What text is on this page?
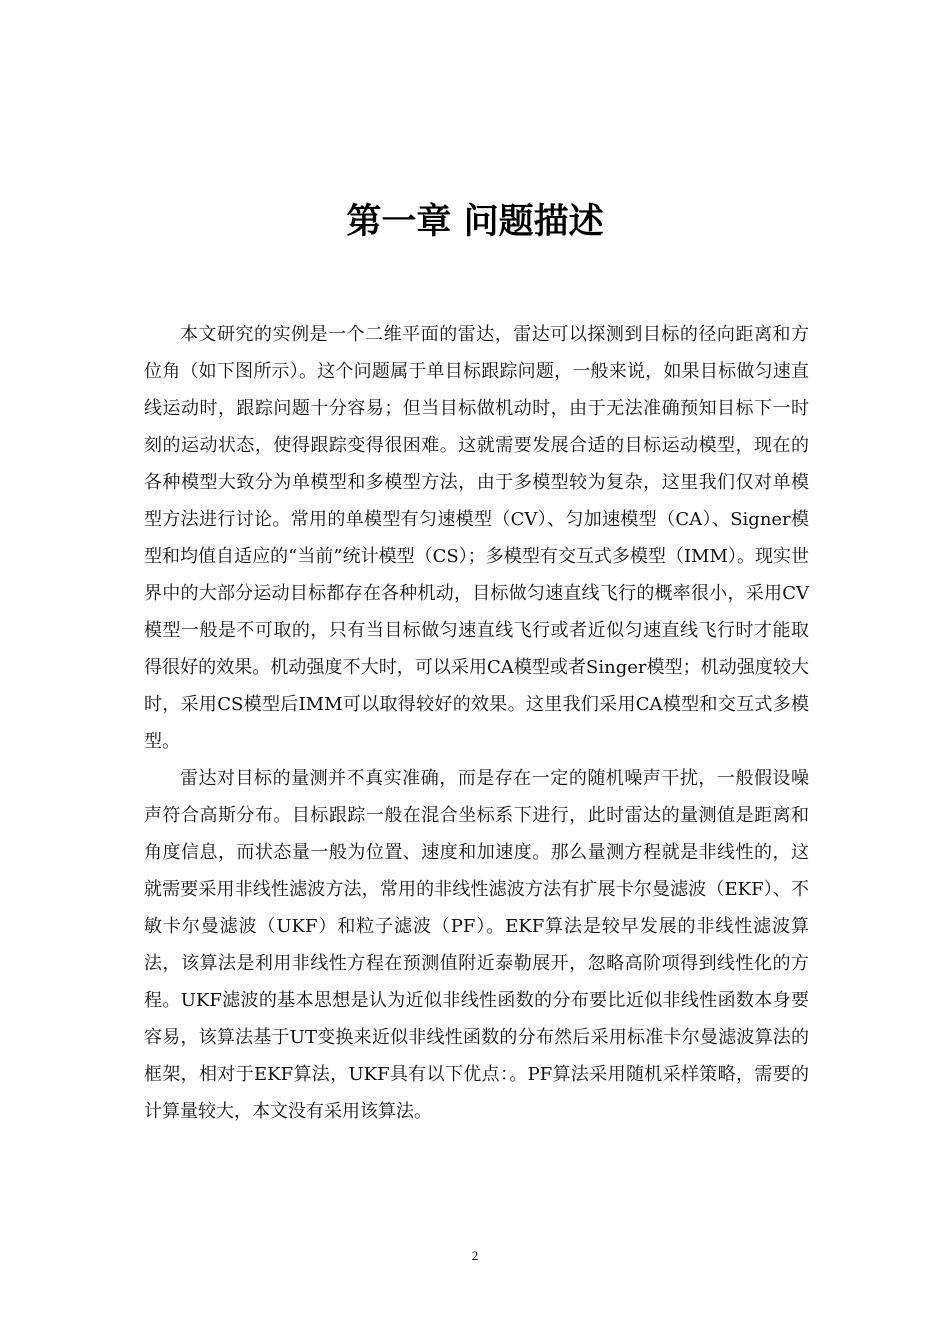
第一章 问题描述

本文研究的实例是一个二维平面的雷达，雷达可以探测到目标的径向距离和方位角（如下图所示）。这个问题属于单目标跟踪问题，一般来说，如果目标做匀速直线运动时，跟踪问题十分容易；但当目标做机动时，由于无法准确预知目标下一时刻的运动状态，使得跟踪变得很困难。这就需要发展合适的目标运动模型，现在的各种模型大致分为单模型和多模型方法，由于多模型较为复杂，这里我们仅对单模型方法进行讨论。常用的单模型有匀速模型（CV）、匀加速模型（CA）、Signer模型和均值自适应的“当前”统计模型（CS）；多模型有交互式多模型（IMM）。现实世界中的大部分运动目标都存在各种机动，目标做匀速直线飞行的概率很小，采用CV模型一般是不可取的，只有当目标做匀速直线飞行或者近似匀速直线飞行时才能取得很好的效果。机动强度不大时，可以采用CA模型或者Singer模型；机动强度较大时，采用CS模型后IMM可以取得较好的效果。这里我们采用CA模型和交互式多模型。

雷达对目标的量测并不真实准确，而是存在一定的随机噪声干扰，一般假设噪声符合高斯分布。目标跟踪一般在混合坐标系下进行，此时雷达的量测值是距离和角度信息，而状态量一般为位置、速度和加速度。那么量测方程就是非线性的，这就需要采用非线性滤波方法，常用的非线性滤波方法有扩展卡尔曼滤波（EKF）、不敏卡尔曼滤波（UKF）和粒子滤波（PF）。EKF算法是较早发展的非线性滤波算法，该算法是利用非线性方程在预测值附近泰勒展开，忽略高阶项得到线性化的方程。UKF滤波的基本思想是认为近似非线性函数的分布要比近似非线性函数本身要容易，该算法基于UT变换来近似非线性函数的分布然后采用标准卡尔曼滤波算法的框架，相对于EKF算法，UKF具有以下优点：。PF算法采用随机采样策略，需要的计算量较大，本文没有采用该算法。

2
